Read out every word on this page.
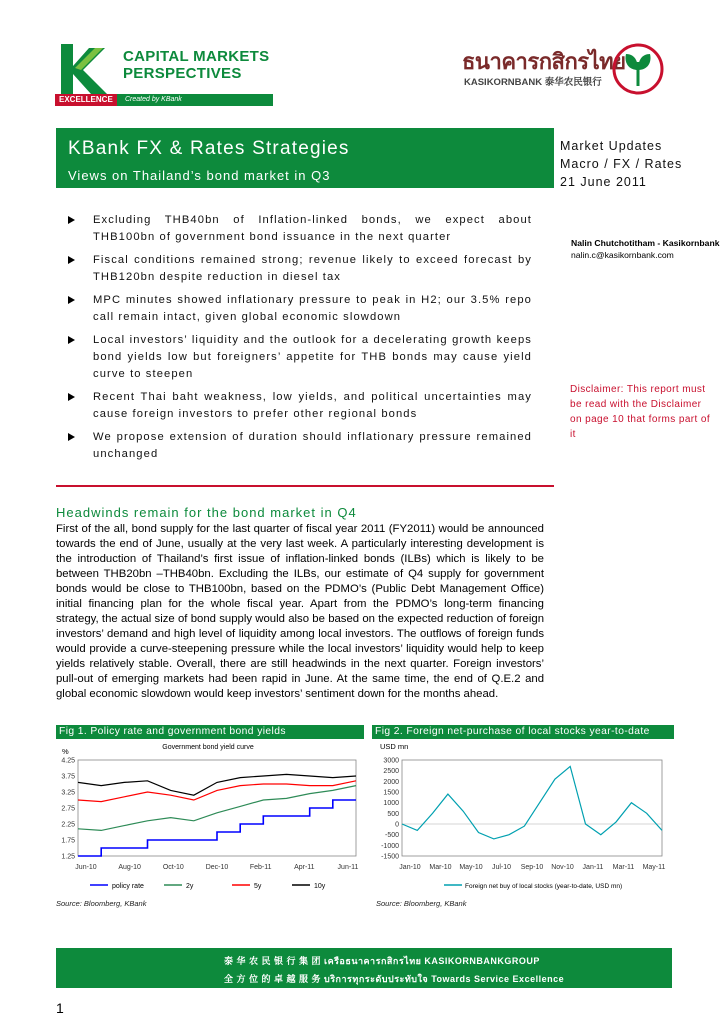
CAPITAL MARKETS
PERSPECTIVES
EXCELLENCE	Created by KBank
ธนาคารกสิกรไทย
KASIKORNBANK 泰华农民银行
KBank FX & Rates Strategies
Views on Thailand’s bond market in Q3
Market Updates
Macro / FX / Rates
21 June 2011
Nalin Chutchotitham - Kasikornbank
nalin.c@kasikornbank.com
Disclaimer: This report must be read with the Disclaimer on page 10 that forms part of it
Excluding THB40bn of Inflation-linked bonds, we expect about THB100bn of government bond issuance in the next quarter
Fiscal conditions remained strong; revenue likely to exceed forecast by THB120bn despite reduction in diesel tax
MPC minutes showed inflationary pressure to peak in H2; our 3.5% repo call remain intact, given global economic slowdown
Local investors’ liquidity and the outlook for a decelerating growth keeps bond yields low but foreigners’ appetite for THB bonds may cause yield curve to steepen
Recent Thai baht weakness, low yields, and political uncertainties may cause foreign investors to prefer other regional bonds
We propose extension of duration should inflationary pressure remained unchanged
Headwinds remain for the bond market in Q4
First of the all, bond supply for the last quarter of fiscal year 2011 (FY2011) would be announced towards the end of June, usually at the very last week. A particularly interesting development is the introduction of Thailand’s first issue of inflation-linked bonds (ILBs) which is likely to be between THB20bn –THB40bn. Excluding the ILBs, our estimate of Q4 supply for government bonds would be close to THB100bn, based on the PDMO’s (Public Debt Management Office) initial financing plan for the whole fiscal year. Apart from the PDMO’s long-term financing strategy, the actual size of bond supply would also be based on the expected reduction of foreign investors’ demand and high level of liquidity among local investors. The outflows of foreign funds would provide a curve-steepening pressure while the local investors’ liquidity would help to keep yields relatively stable. Overall, there are still headwinds in the next quarter. Foreign investors’ pull-out of emerging markets had been rapid in June. At the same time, the end of Q.E.2 and global economic slowdown would keep investors’ sentiment down for the months ahead.
Fig 1. Policy rate and government bond yields	Fig 2. Foreign net-purchase of local stocks year-to-date
%	Government bond yield curve
4.25
3.75
3.25
2.75
2.25
1.75
1.25
Jun-10	Aug-10	Oct-10	Dec-10	Feb-11	Apr-11	Jun-11
policy rate	2y	5y	10y
USD mn
3000
2500
2000
1500
1000
500
0
-500
-1000
-1500
Jan-10 Mar-10 May-10 Jul-10 Sep-10 Nov-10 Jan-11 Mar-11 May-11
Foreign net buy of local stocks (year-to-date, USD mn)
Source: Bloomberg, KBank	Source: Bloomberg, KBank
泰 华 农 民 银 行 集 团 เครือธนาคารกสิกรไทย KASIKORNBANKGROUP
全 方 位 的 卓 越 服 务 บริการทุกระดับประทับใจ Towards Service Excellence
1
